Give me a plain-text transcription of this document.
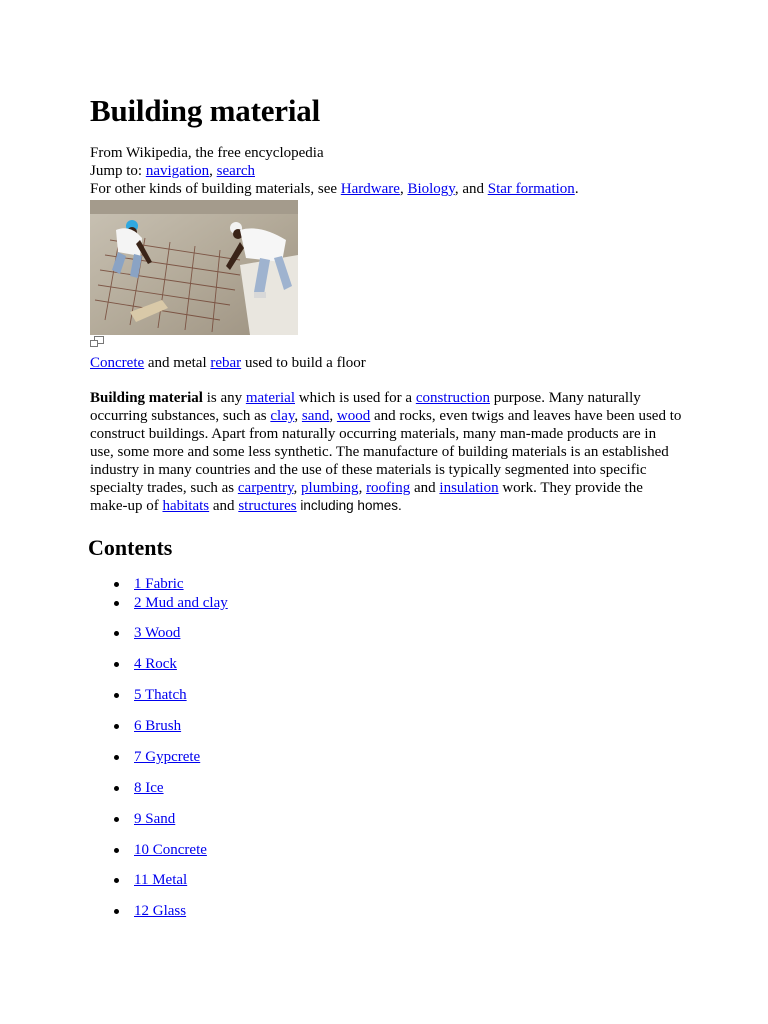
Building material

From Wikipedia, the free encyclopedia

Jump to: navigation, search

For other kinds of building materials, see Hardware, Biology, and Star formation.

Concrete and metal rebar used to build a floor

Building material is any material which is used for a construction purpose. Many naturally occurring substances, such as clay, sand, wood and rocks, even twigs and leaves have been used to construct buildings. Apart from naturally occurring materials, many man-made products are in use, some more and some less synthetic. The manufacture of building materials is an established industry in many countries and the use of these materials is typically segmented into specific specialty trades, such as carpentry, plumbing, roofing and insulation work. They provide the make-up of habitats and structures including homes.

Contents
1 Fabric
2 Mud and clay
3 Wood
4 Rock
5 Thatch
6 Brush
7 Gypcrete
8 Ice
9 Sand
10 Concrete
11 Metal
12 Glass
